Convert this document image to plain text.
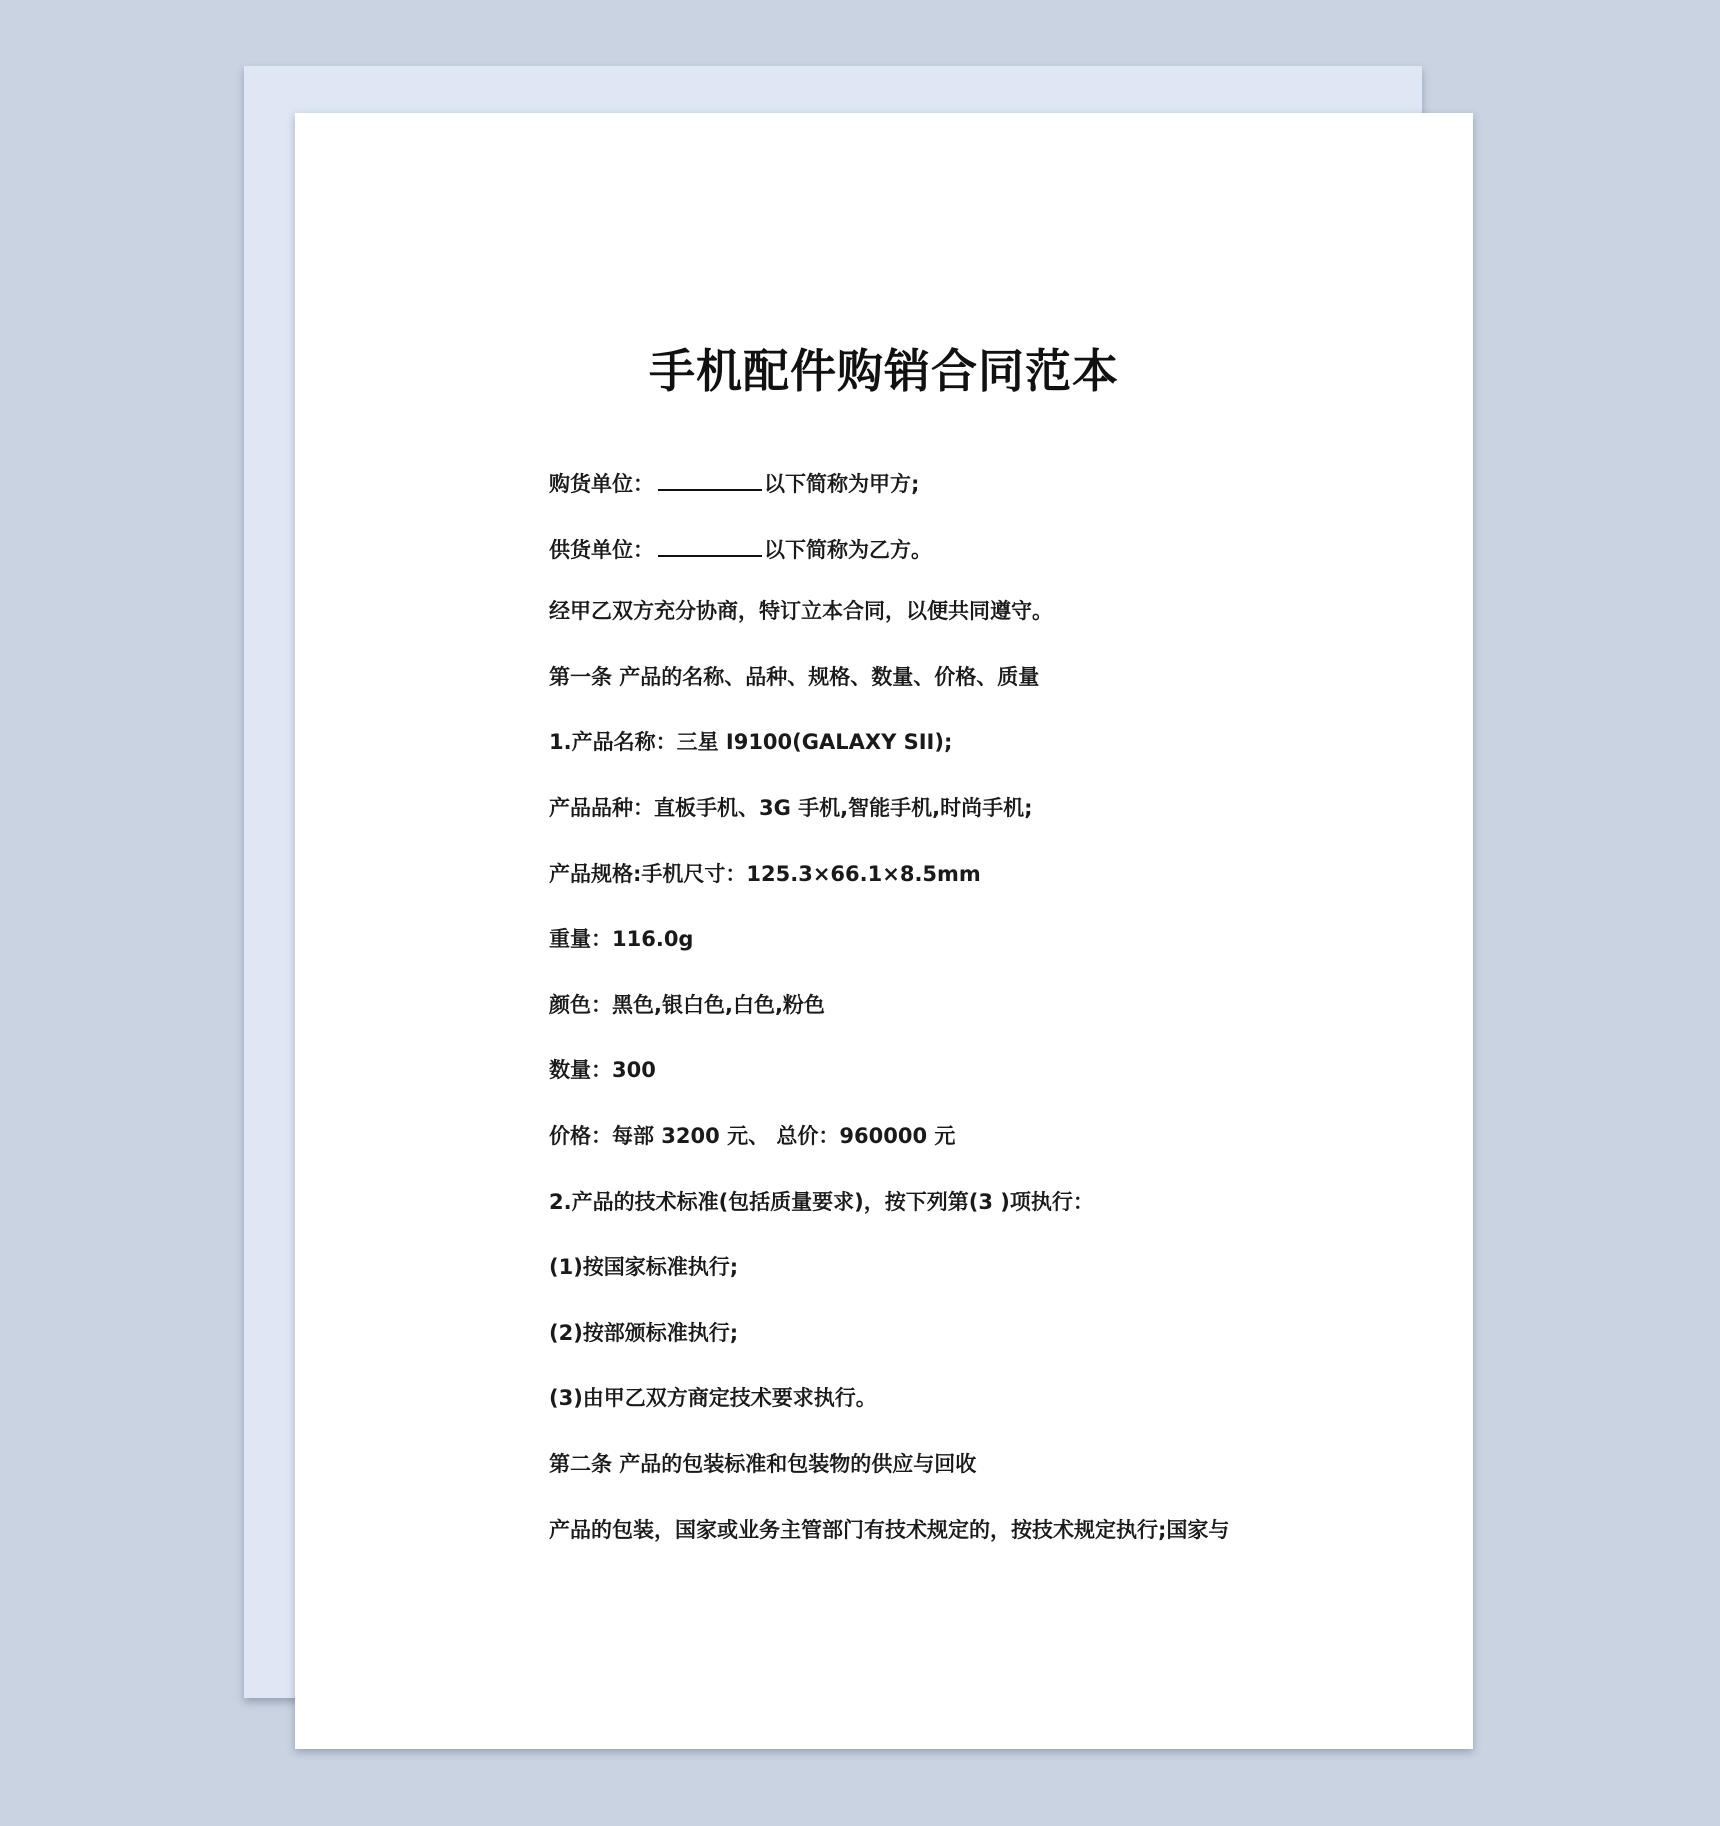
手机配件购销合同范本
购货单位：	以下简称为甲方;
供货单位：	以下简称为乙方。
经甲乙双方充分协商，特订立本合同，以便共同遵守。
第一条 产品的名称、品种、规格、数量、价格、质量
1.产品名称：三星 I9100(GALAXY SII);
产品品种：直板手机、3G 手机,智能手机,时尚手机;
产品规格:手机尺寸：125.3×66.1×8.5mm
重量：116.0g
颜色：黑色,银白色,白色,粉色
数量：300
价格：每部 3200 元、 总价：960000 元
2.产品的技术标准(包括质量要求)，按下列第(3 )项执行：
(1)按国家标准执行;
(2)按部颁标准执行;
(3)由甲乙双方商定技术要求执行。
第二条 产品的包装标准和包装物的供应与回收
产品的包装，国家或业务主管部门有技术规定的，按技术规定执行;国家与
